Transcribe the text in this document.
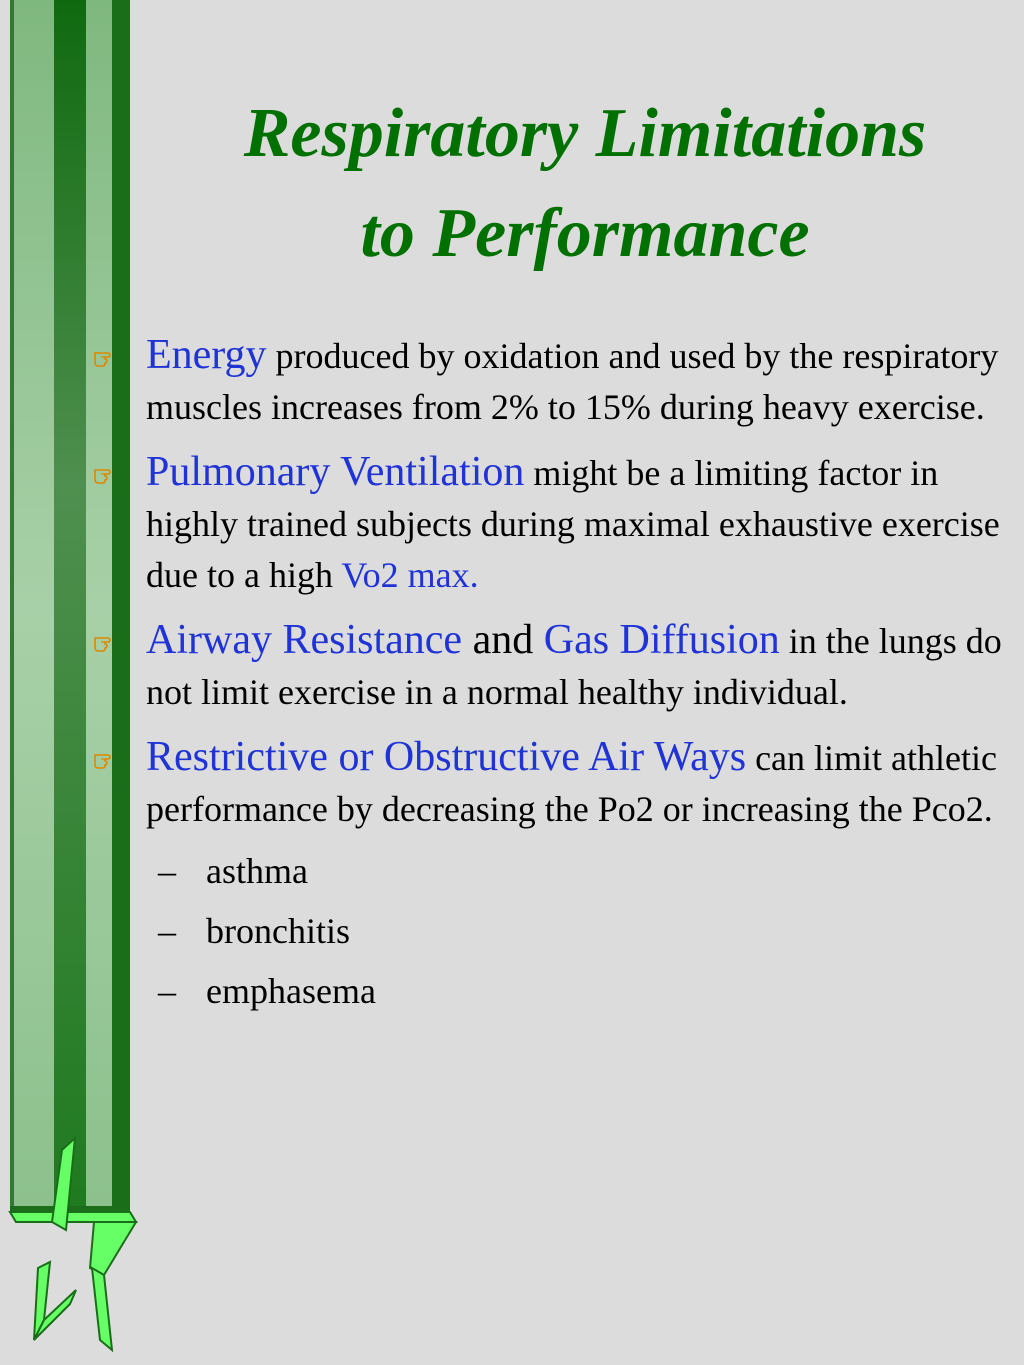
Respiratory Limitations
to Performance
Energy produced by oxidation and used by the respiratory muscles increases from 2% to 15% during heavy exercise.
Pulmonary Ventilation might be a limiting factor in highly trained subjects during maximal exhaustive exercise due to a high Vo2 max.
Airway Resistance and Gas Diffusion in the lungs do not limit exercise in a normal healthy individual.
Restrictive or Obstructive Air Ways can limit athletic performance by decreasing the Po2 or increasing the Pco2.
– asthma
– bronchitis
– emphasema
